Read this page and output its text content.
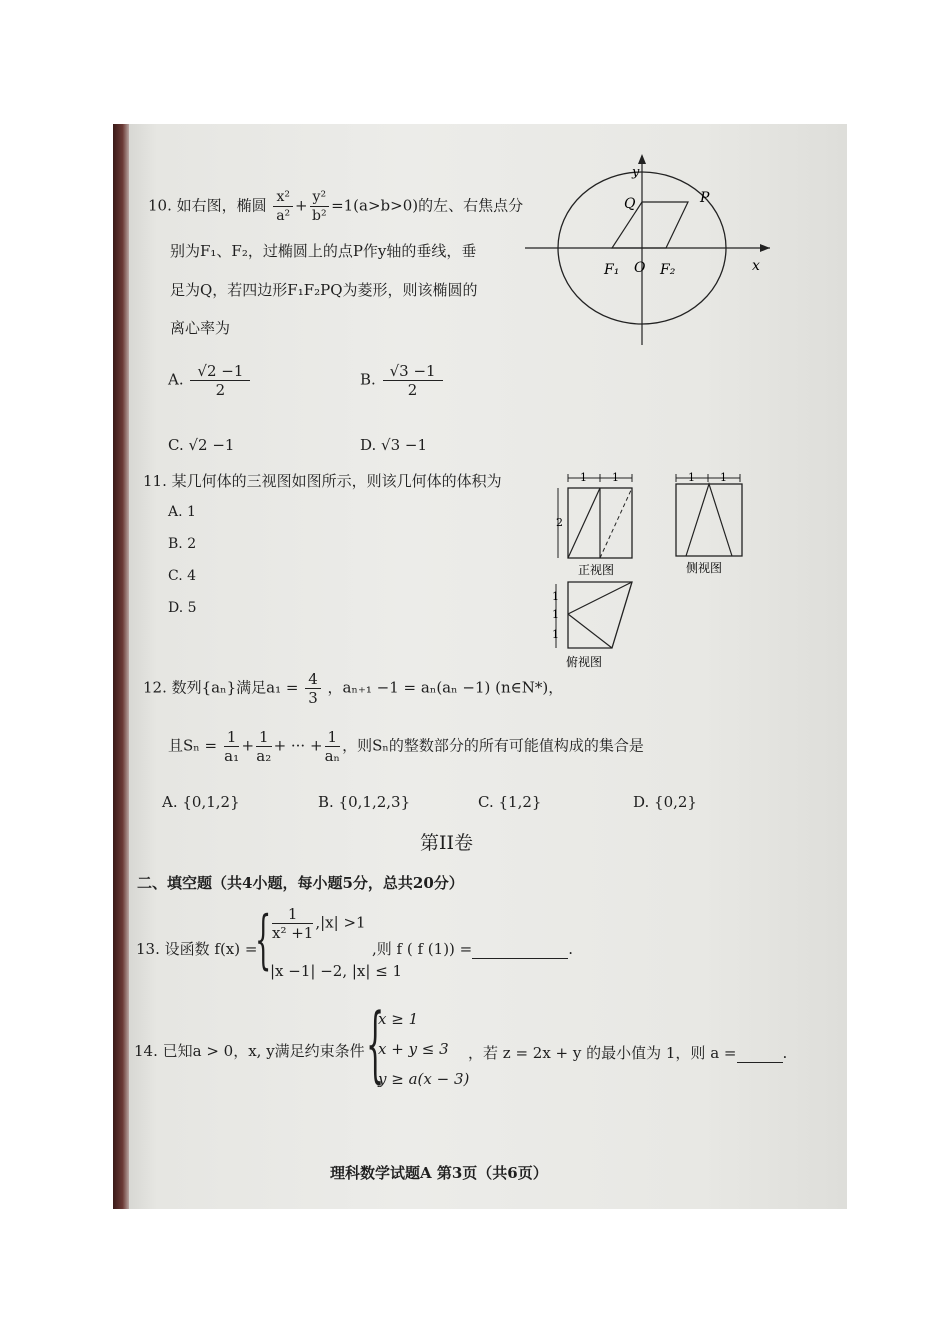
10. 如右图，椭圆 $\frac{\text{x²}}{\text{a²}} + \frac{\text{y²}}{\text{b²}} =1(a>b>0)$的左、右焦点分
别为F₁、F₂，过椭圆上的点P作y轴的垂线，垂
足为Q，若四边形F₁F₂PQ为菱形，则该椭圆的
离心率为
A. $\frac{√2 -1}{2}$	B. $\frac{√3 -1}{2}$
C. √2 −1	D. √3 −1
y
x
P
Q
O
F₁	F₂
11. 某几何体的三视图如图所示，则该几何体的体积为
A. 1
B. 2
C. 4
D. 5
1 1
2
正视图
1 1
侧视图
1
1
1
俯视图
12. 数列{aₙ}满足$a_1 = \frac{4}{3}$ ，aₙ₊₁ −1 = aₙ(aₙ −1) (n∈N*)，
且$S_n = \frac{1}{\text{a₁}} + \frac{1}{\text{a₂}}$ + ··· + $\frac{1}{\text{aₙ}}$ ，则Sₙ的整数部分的所有可能值构成的集合是
A. {0,1,2}	B. {0,1,2,3}	C. {1,2}	D. {0,2}
第II卷
二、填空题（共4小题，每小题5分，总共20分）
13. 设函数 f(x) =
{ $\frac{1}{\text{x² +1}} ,|x| >1$
|x −1| −2, |x| ≤ 1
,则 f ( f (1)) =	.
14. 已知a > 0，x, y满足约束条件 {
x ≥ 1
x + y ≤ 3
y ≥ a(x − 3)
，若 z = 2x + y 的最小值为 1，则 a =	.
理科数学试题A 第3页（共6页）
